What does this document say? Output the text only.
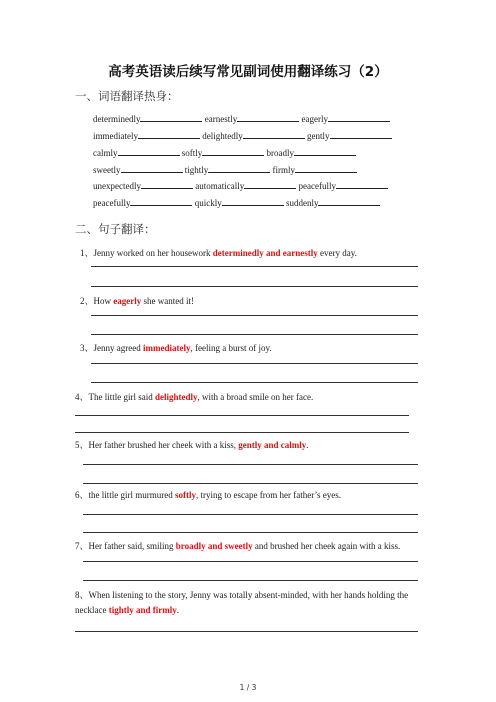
高考英语读后续写常见副词使用翻译练习（2）
一、词语翻译热身：
determinedly	earnestly	eagerly
immediately	delightedly	gently
calmly	softly	broadly
sweetly	tightly	firmly
unexpectedly	automatically	peacefully
peacefully	quickly	suddenly
二、句子翻译：
1、Jenny worked on her housework determinedly and earnestly every day.
2、How eagerly she wanted it!
3、Jenny agreed immediately, feeling a burst of joy.
4、The little girl said delightedly, with a broad smile on her face.
5、Her father brushed her cheek with a kiss, gently and calmly.
6、the little girl murmured softly, trying to escape from her father’s eyes.
7、Her father said, smiling broadly and sweetly and brushed her cheek again with a kiss.
8、When listening to the story, Jenny was totally absent-minded, with her hands holding the
necklace tightly and firmly.
1 / 3
